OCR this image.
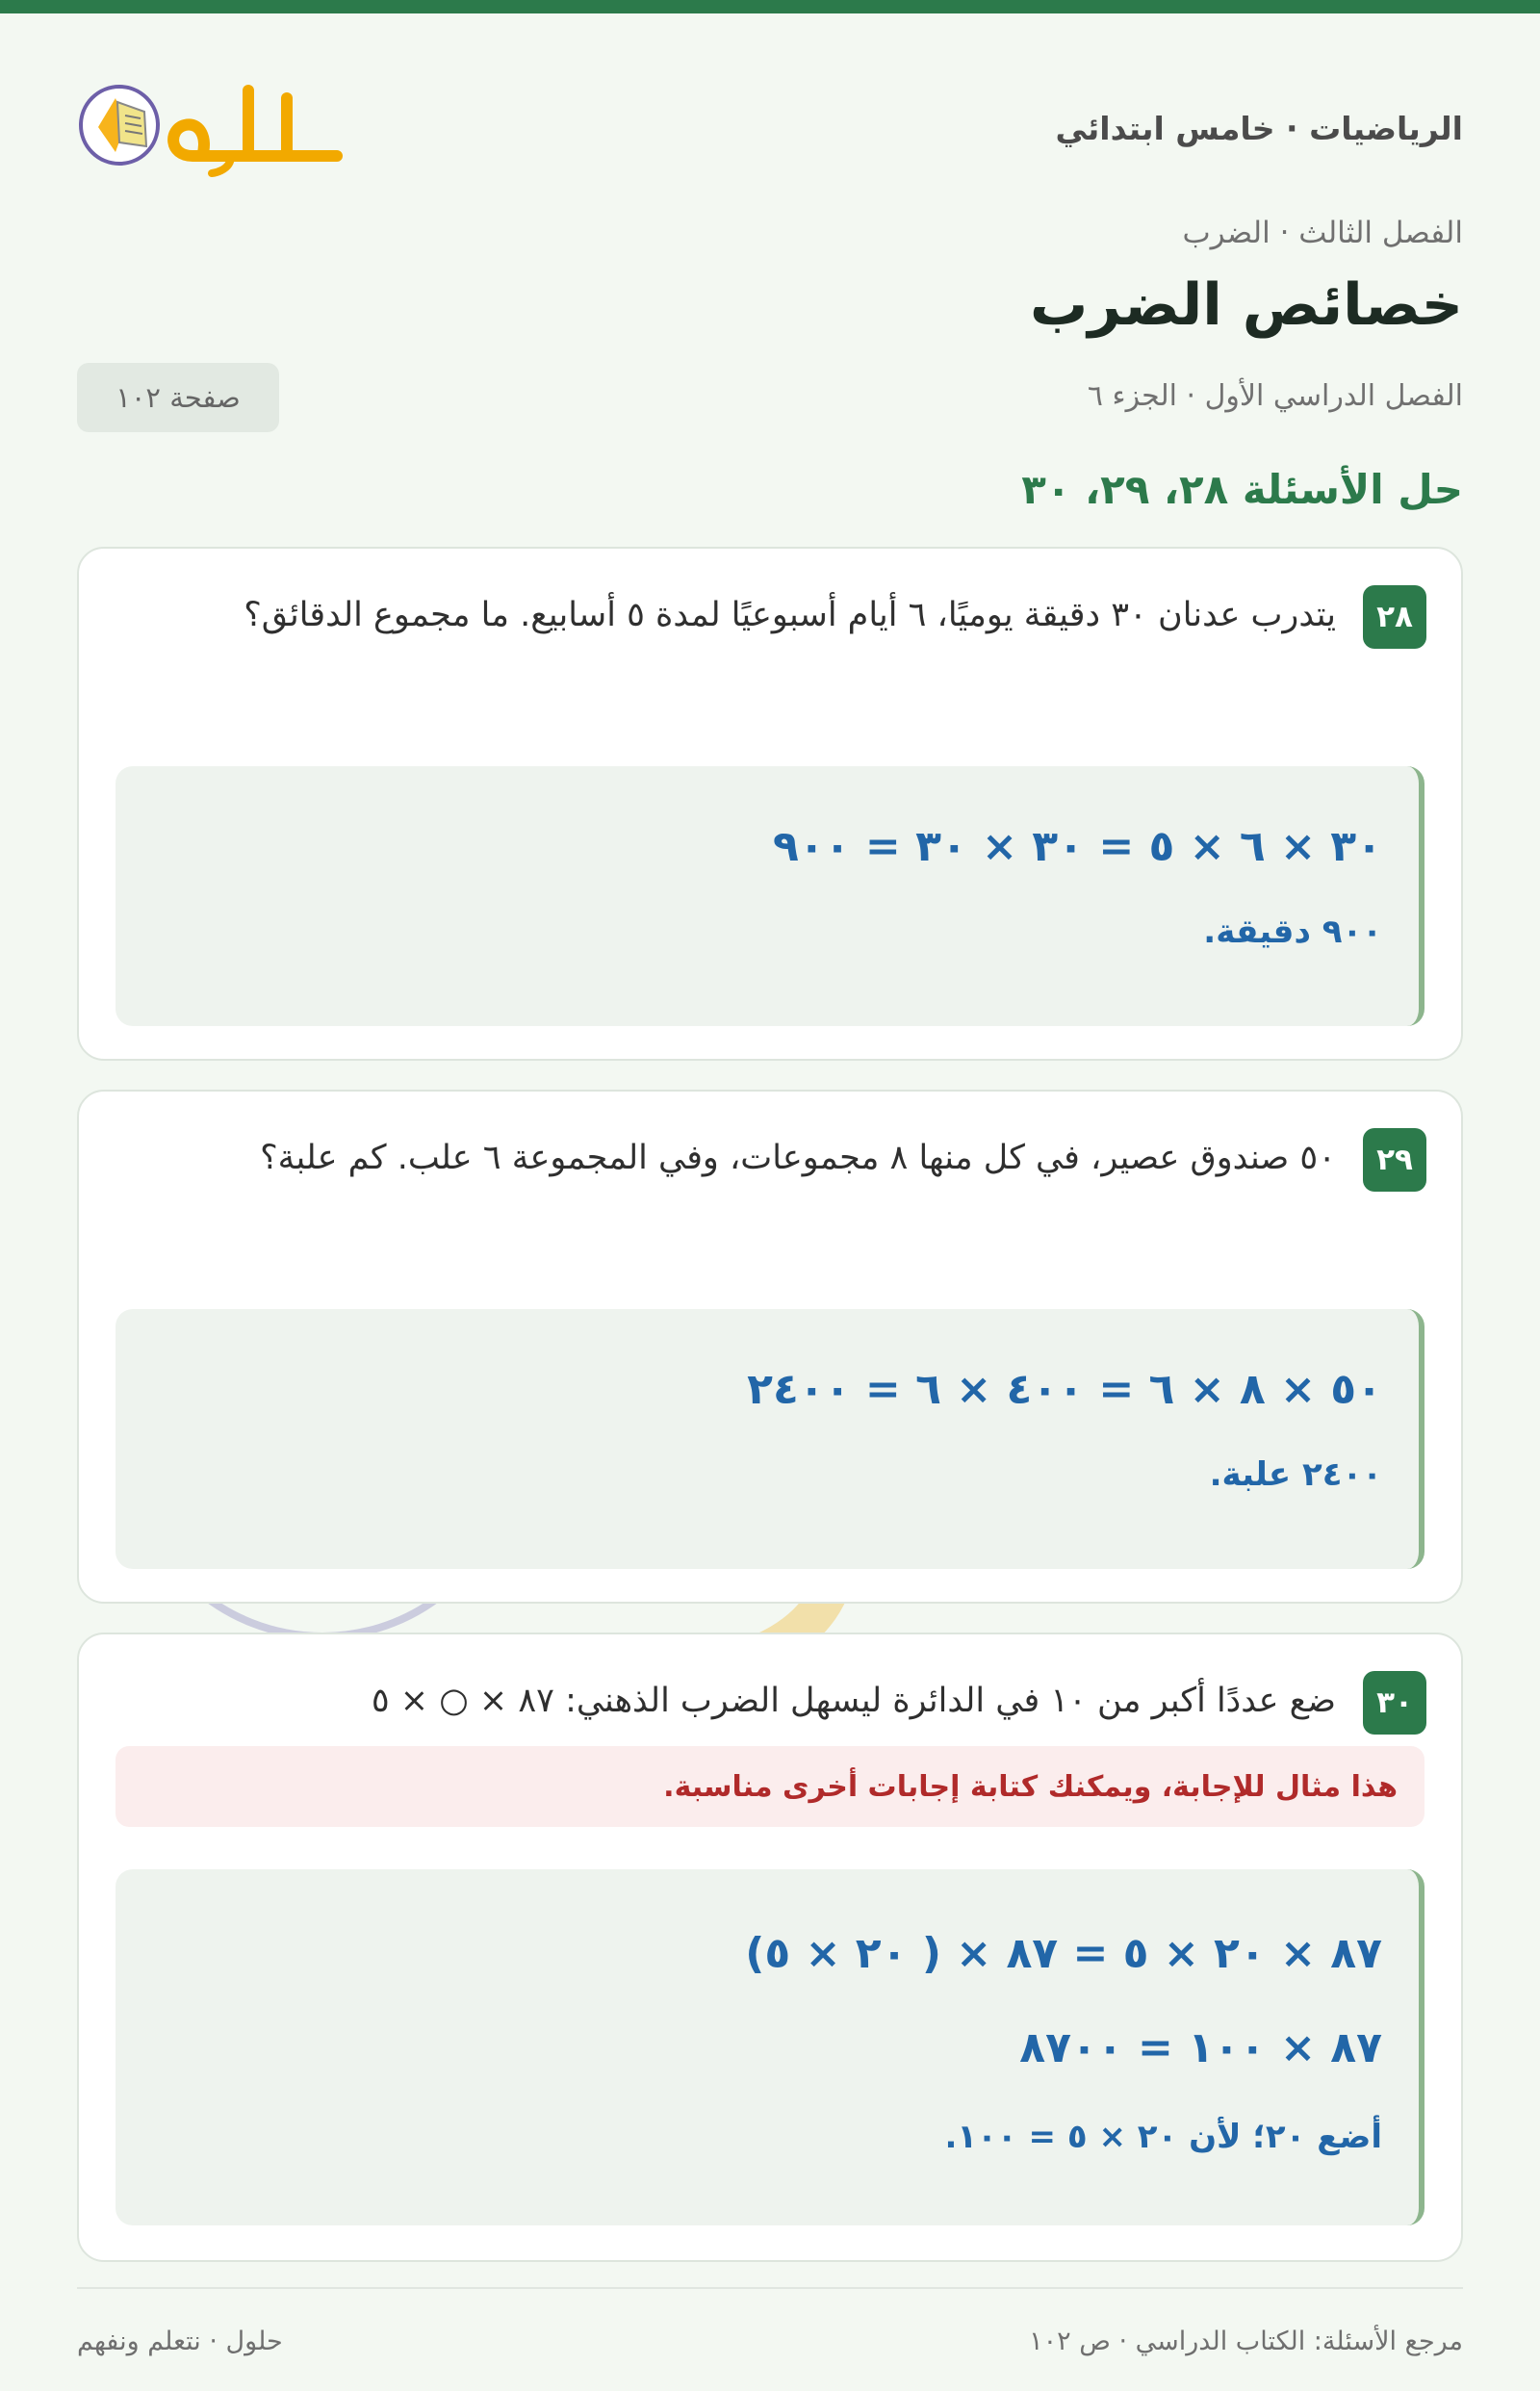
الرياضيات · خامس ابتدائي
الفصل الثالث · الضرب
خصائص الضرب
الفصل الدراسي الأول · الجزء ٦
صفحة ١٠٢
حل الأسئلة ٢٨، ٢٩، ٣٠
٢٨
يتدرب عدنان ٣٠ دقيقة يوميًا، ٦ أيام أسبوعيًا لمدة ٥ أسابيع. ما مجموع الدقائق؟
٣٠ × ٦ × ٥ = ٣٠ × ٣٠ = ٩٠٠
٩٠٠ دقيقة.
٢٩
٥٠ صندوق عصير، في كل منها ٨ مجموعات، وفي المجموعة ٦ علب. كم علبة؟
٥٠ × ٨ × ٦ = ٤٠٠ × ٦ = ٢٤٠٠
٢٤٠٠ علبة.
٣٠
ضع عددًا أكبر من ١٠ في الدائرة ليسهل الضرب الذهني: ٨٧ × ○ × ٥
هذا مثال للإجابة، ويمكنك كتابة إجابات أخرى مناسبة.
٨٧ × ٢٠ × ٥ = ٨٧ × ( ٢٠ × ٥)
٨٧ × ١٠٠ = ٨٧٠٠
أضع ٢٠؛ لأن ٢٠ × ٥ = ١٠٠.
مرجع الأسئلة: الكتاب الدراسي · ص ١٠٢
حلول · نتعلم ونفهم
